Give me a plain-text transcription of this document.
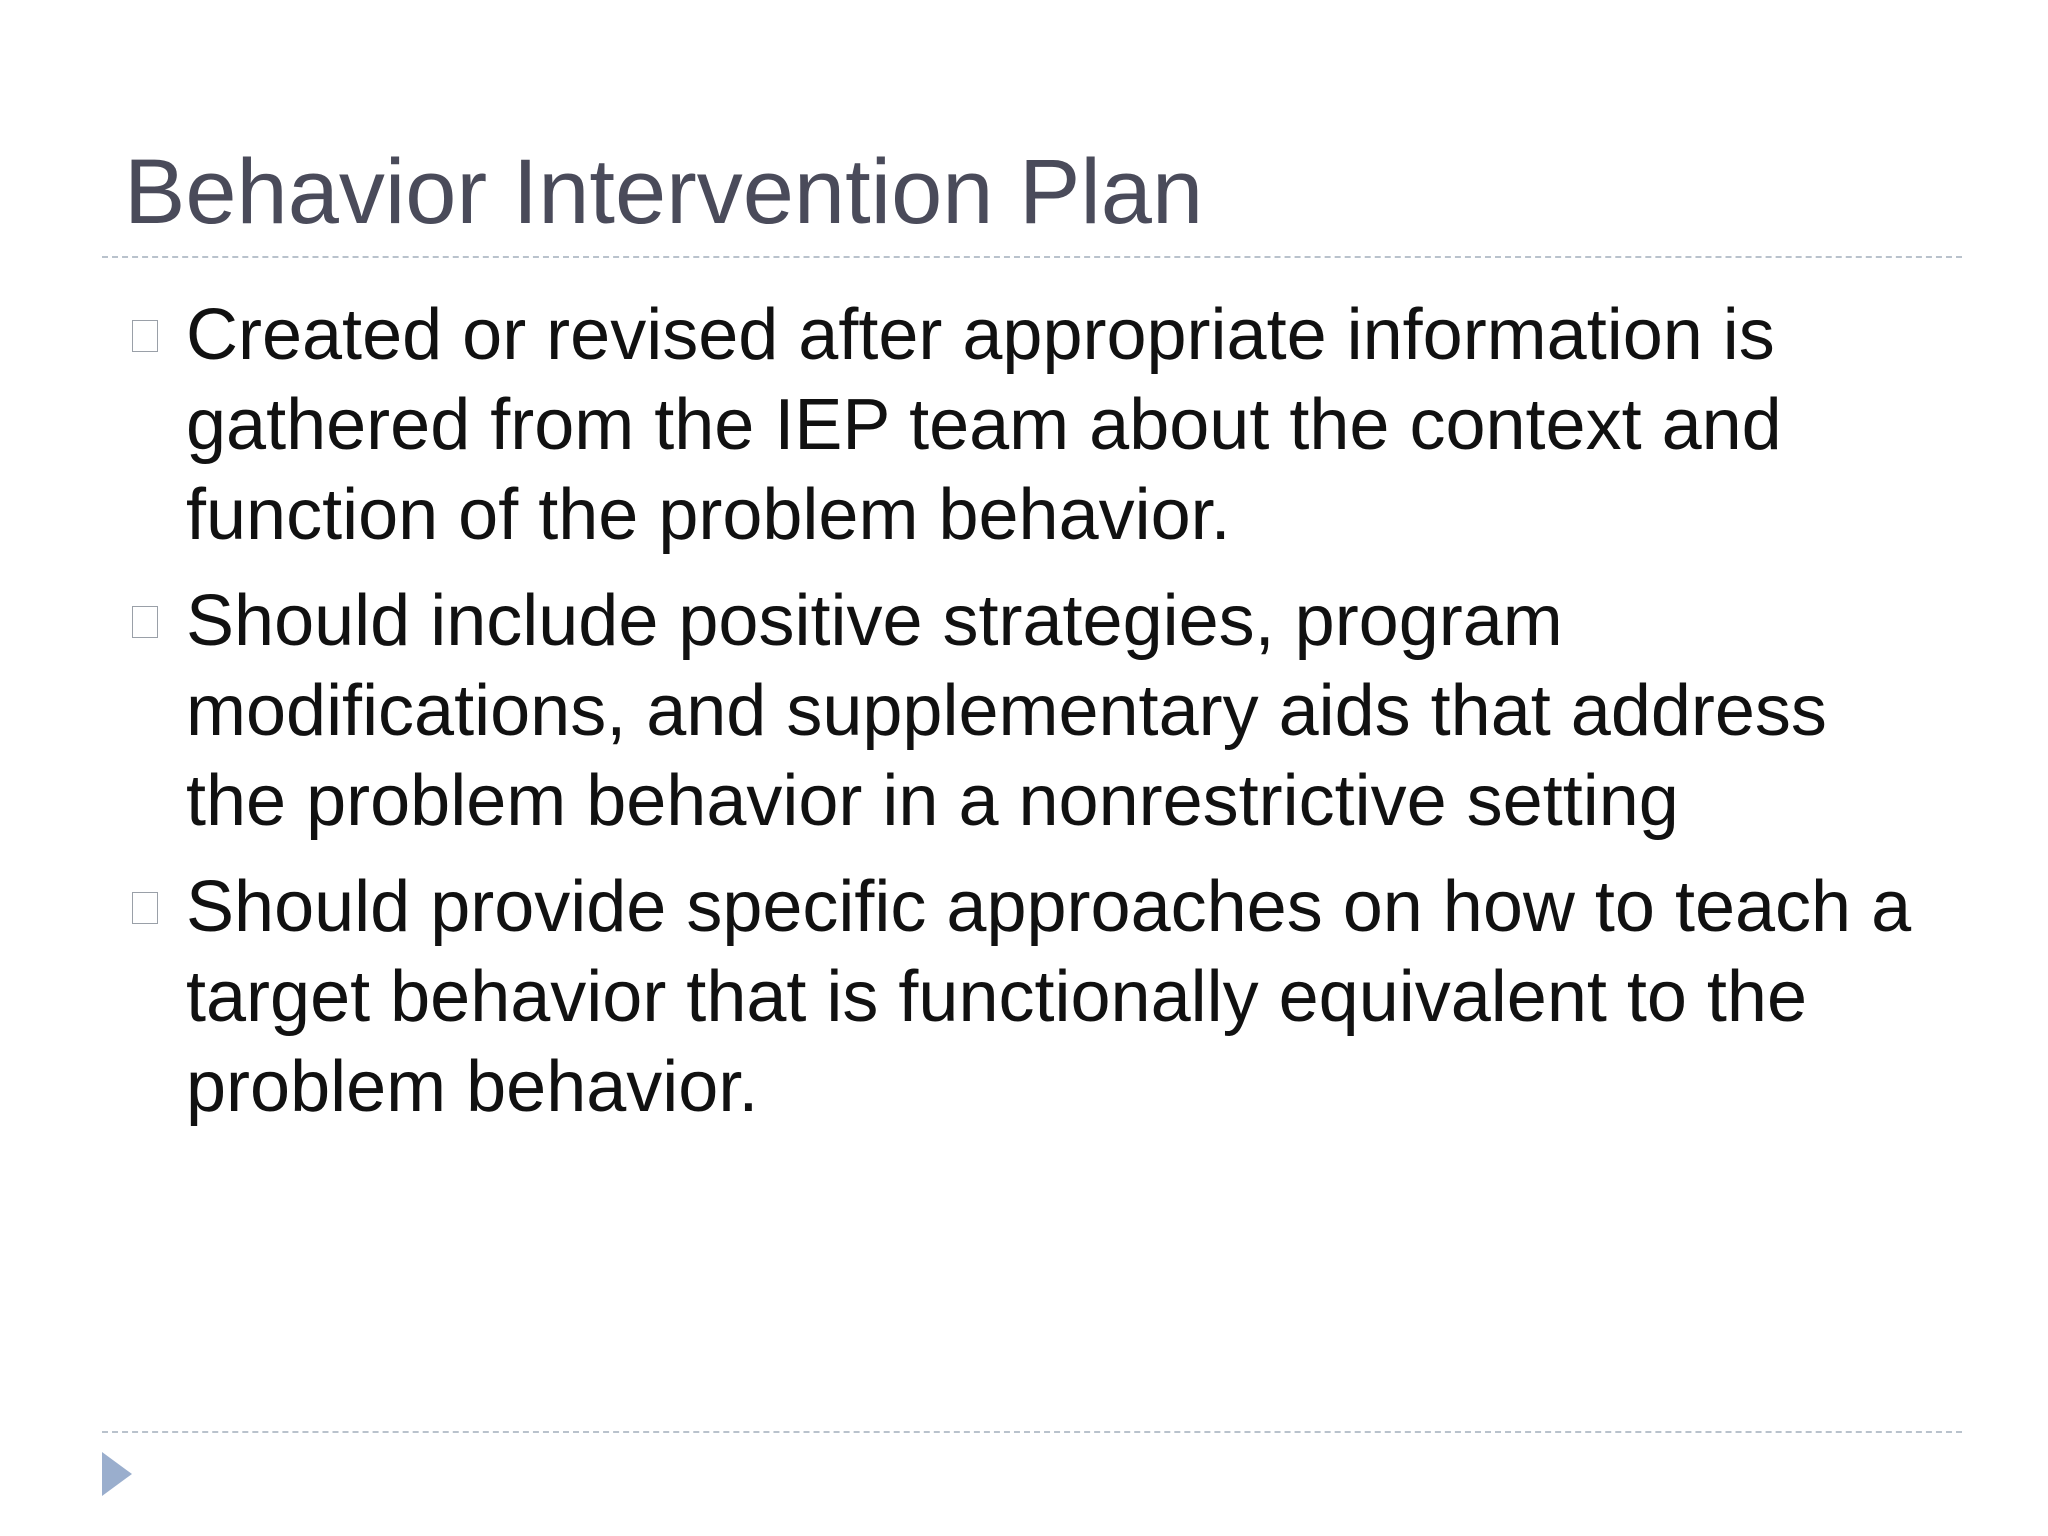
Behavior Intervention Plan
Created or revised after appropriate information is gathered from the IEP team about the context and function of the problem behavior.
Should include positive strategies, program modifications, and supplementary aids that address the problem behavior in a nonrestrictive setting
Should provide specific approaches on how to teach a target behavior that is functionally equivalent to the problem behavior.
